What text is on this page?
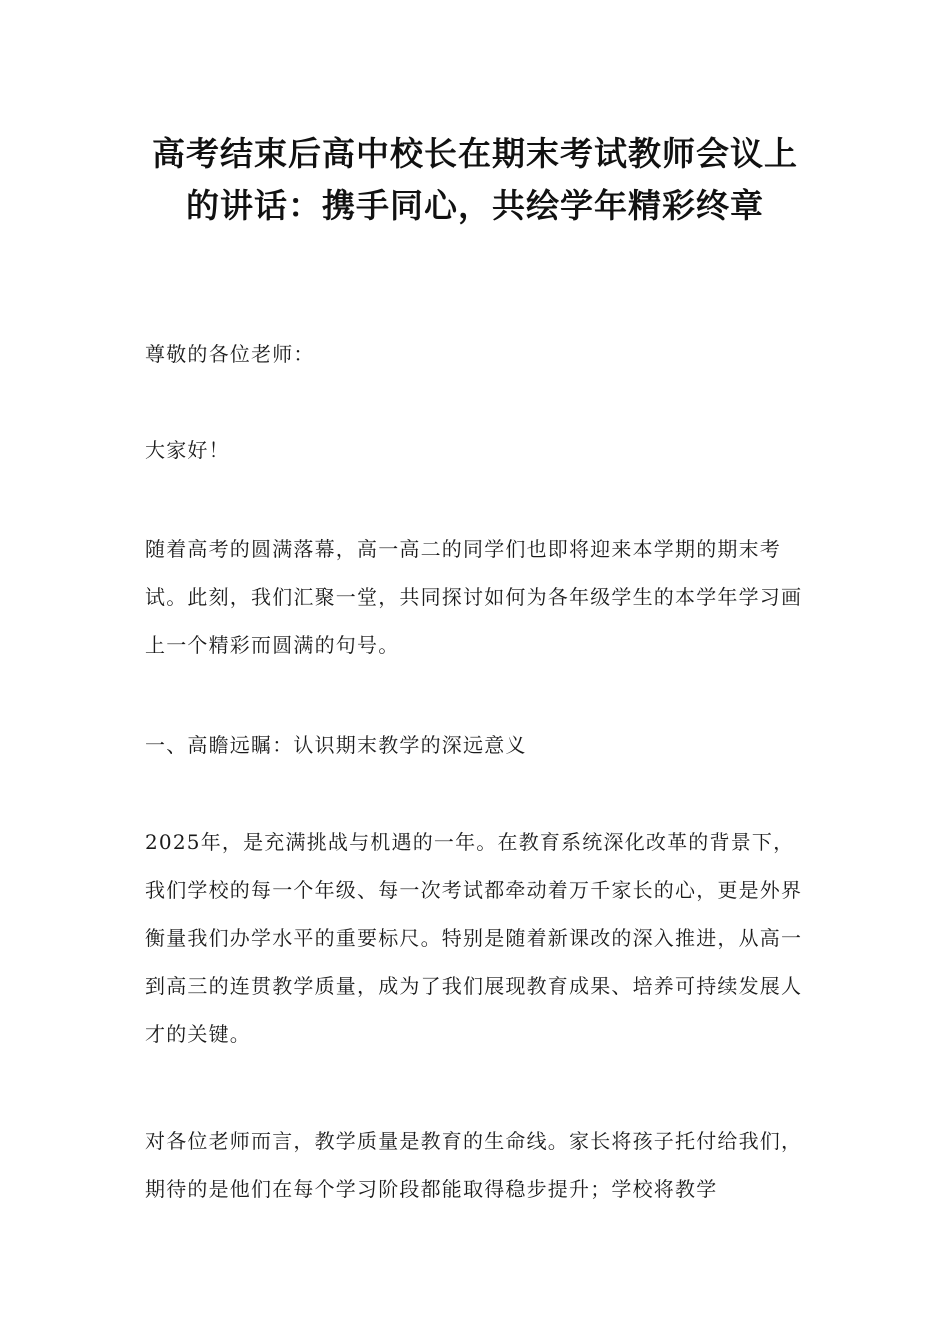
高考结束后高中校长在期末考试教师会议上的讲话：携手同心，共绘学年精彩终章

尊敬的各位老师：

大家好！

随着高考的圆满落幕，高一高二的同学们也即将迎来本学期的期末考试。此刻，我们汇聚一堂，共同探讨如何为各年级学生的本学年学习画上一个精彩而圆满的句号。

一、高瞻远瞩：认识期末教学的深远意义

2025年，是充满挑战与机遇的一年。在教育系统深化改革的背景下，我们学校的每一个年级、每一次考试都牵动着万千家长的心，更是外界衡量我们办学水平的重要标尺。特别是随着新课改的深入推进，从高一到高三的连贯教学质量，成为了我们展现教育成果、培养可持续发展人才的关键。

对各位老师而言，教学质量是教育的生命线。家长将孩子托付给我们，期待的是他们在每个学习阶段都能取得稳步提升；学校将教学
